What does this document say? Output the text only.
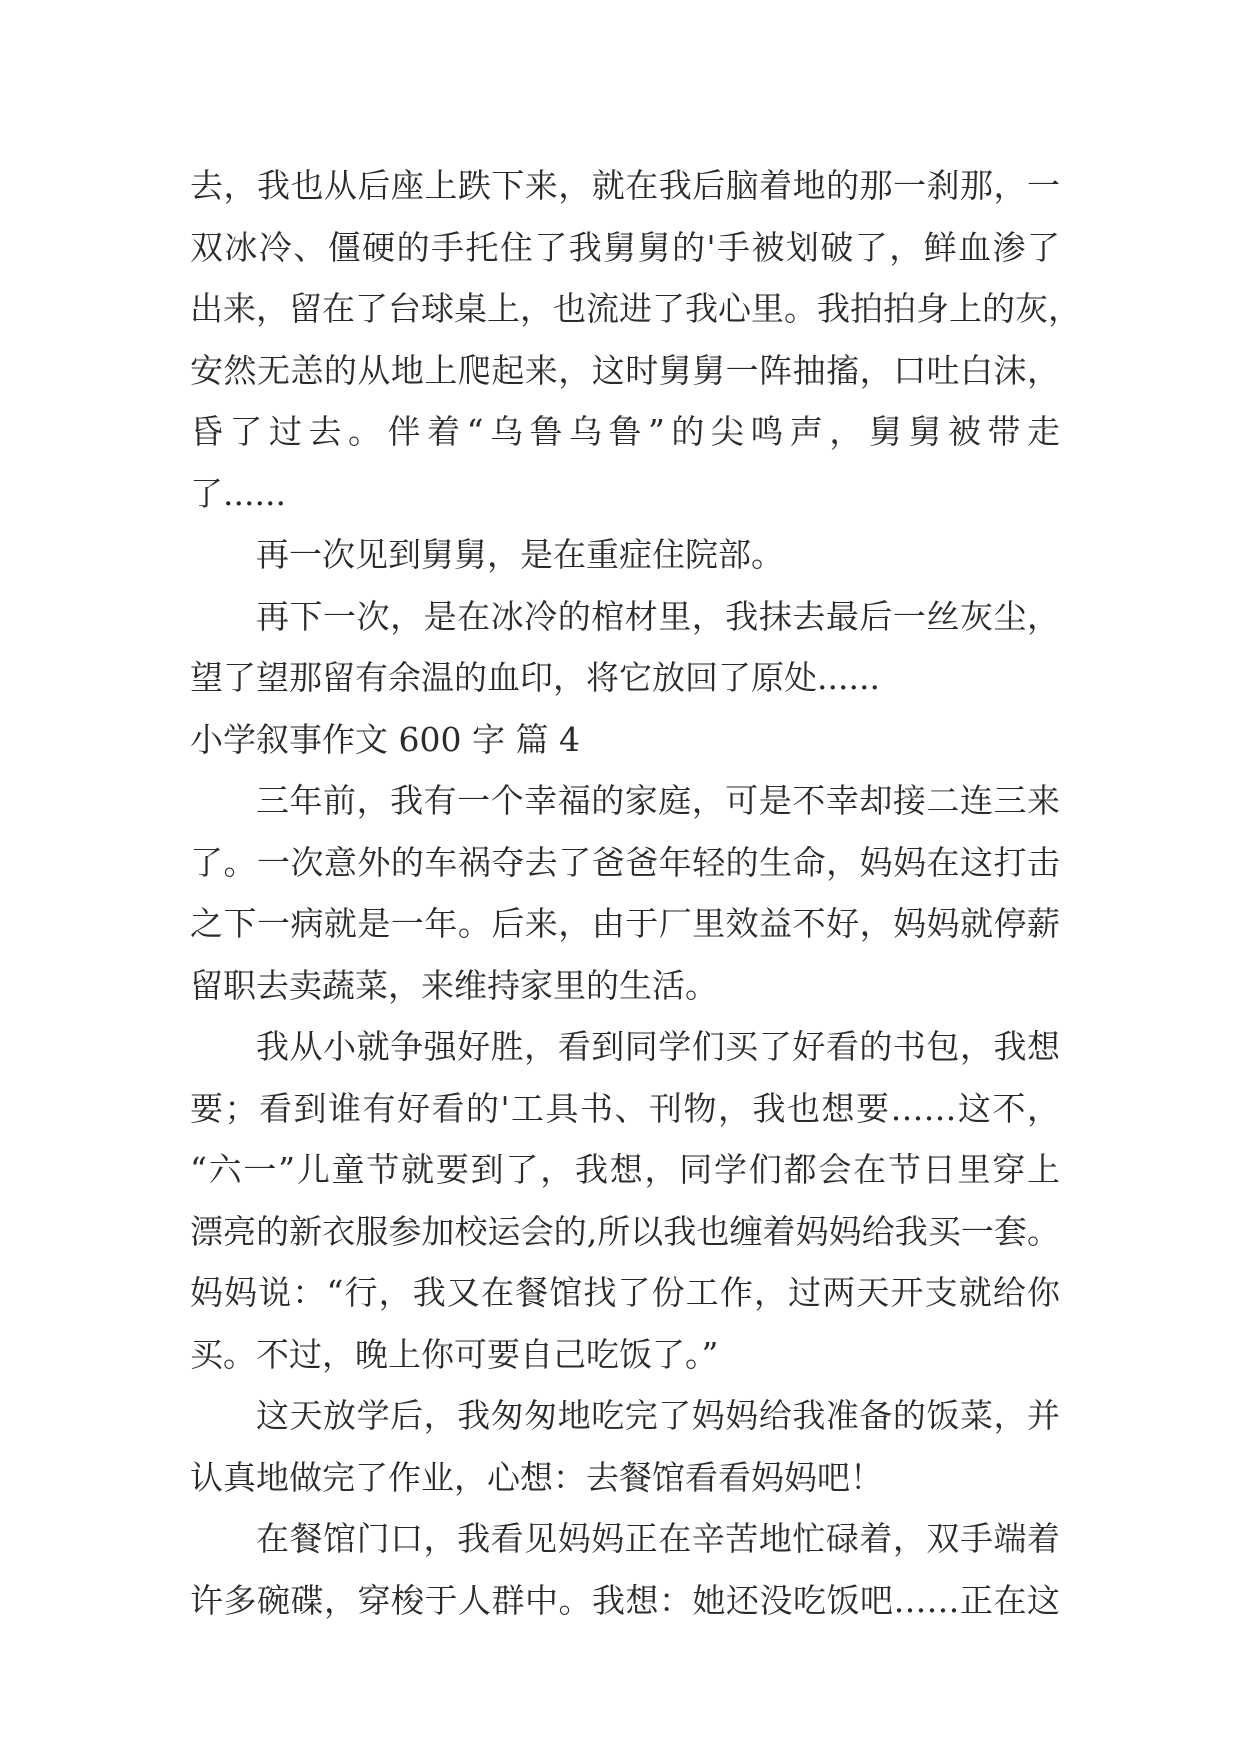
去，我也从后座上跌下来，就在我后脑着地的那一刹那，一
双冰冷、僵硬的手托住了我舅舅的'手被划破了，鲜血渗了
出来，留在了台球桌上，也流进了我心里。我拍拍身上的灰，
安然无恙的从地上爬起来，这时舅舅一阵抽搐，口吐白沫，
昏了过去。伴着“乌鲁乌鲁”的尖鸣声，舅舅被带走
了......
再一次见到舅舅，是在重症住院部。
再下一次，是在冰冷的棺材里，我抹去最后一丝灰尘，
望了望那留有余温的血印，将它放回了原处......
小学叙事作文 600 字 篇 4
三年前，我有一个幸福的家庭，可是不幸却接二连三来
了。一次意外的车祸夺去了爸爸年轻的生命，妈妈在这打击
之下一病就是一年。后来，由于厂里效益不好，妈妈就停薪
留职去卖蔬菜，来维持家里的生活。
我从小就争强好胜，看到同学们买了好看的书包，我想
要；看到谁有好看的'工具书、刊物，我也想要……这不，
“六一”儿童节就要到了，我想，同学们都会在节日里穿上
漂亮的新衣服参加校运会的,所以我也缠着妈妈给我买一套。
妈妈说：“行，我又在餐馆找了份工作，过两天开支就给你
买。不过，晚上你可要自己吃饭了。”
这天放学后，我匆匆地吃完了妈妈给我准备的饭菜，并
认真地做完了作业，心想：去餐馆看看妈妈吧！
在餐馆门口，我看见妈妈正在辛苦地忙碌着，双手端着
许多碗碟，穿梭于人群中。我想：她还没吃饭吧……正在这
